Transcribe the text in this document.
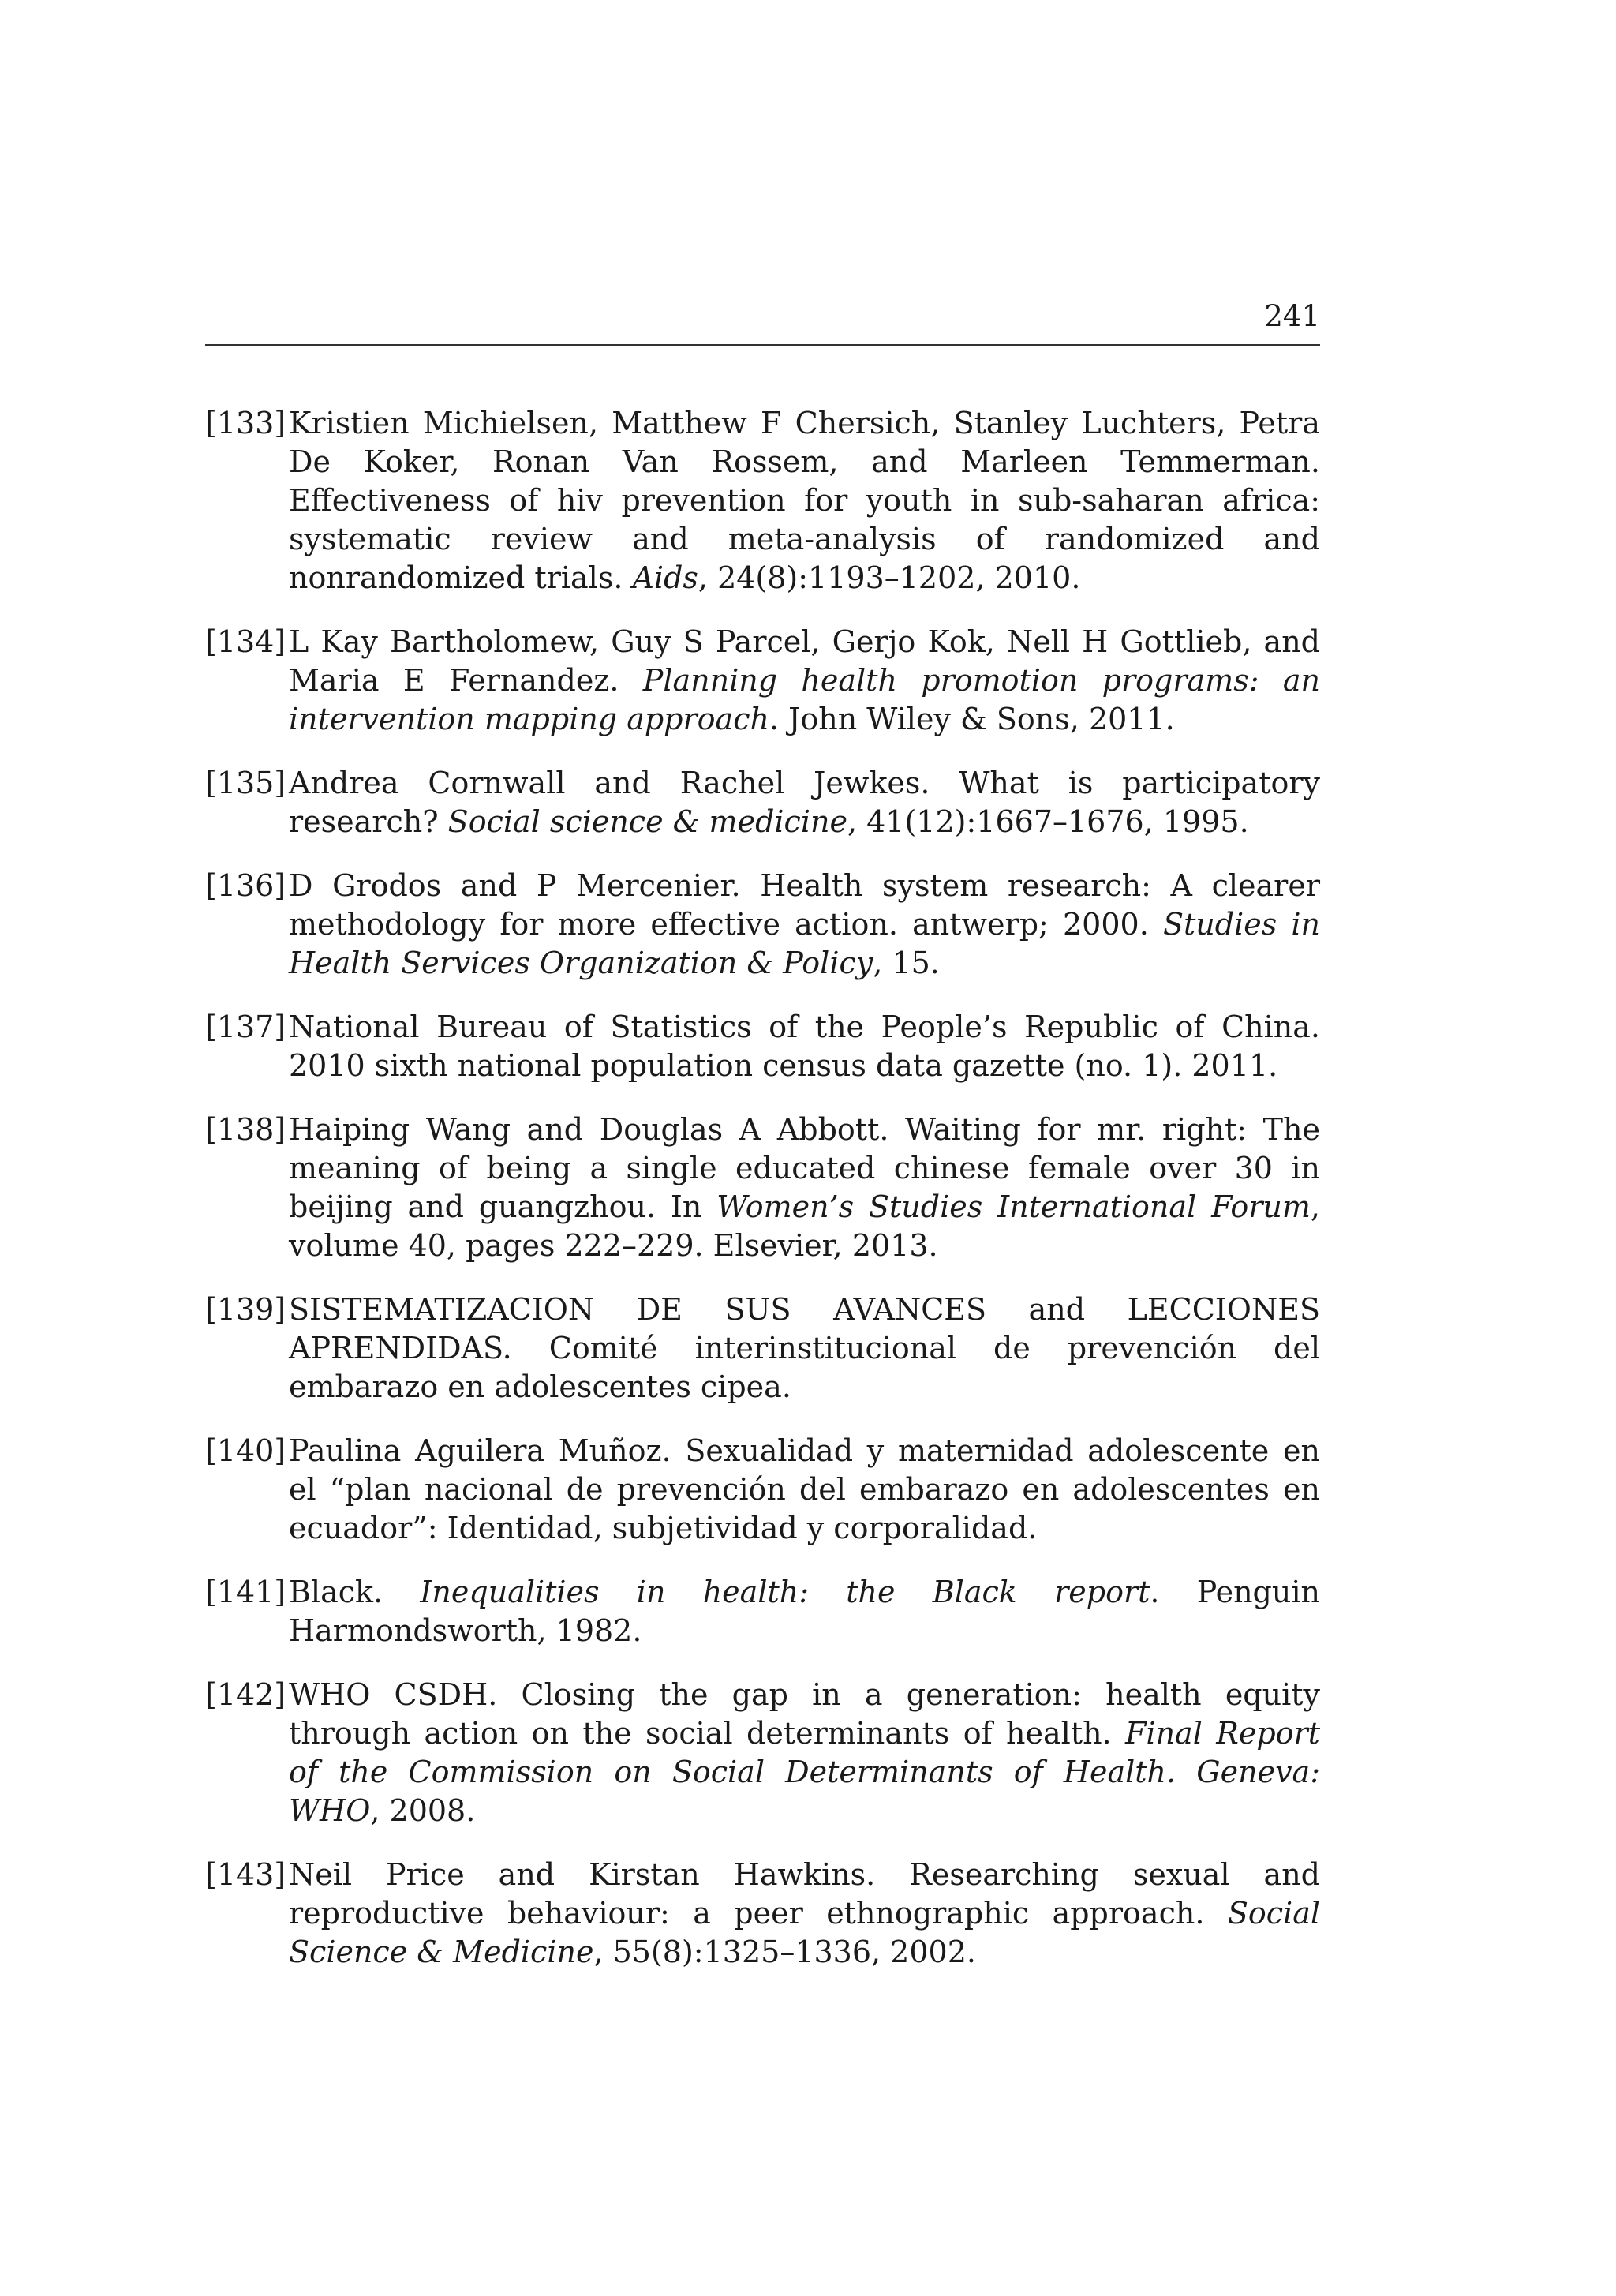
241
[133] Kristien Michielsen, Matthew F Chersich, Stanley Luchters, Petra De Koker, Ronan Van Rossem, and Marleen Temmerman. Effectiveness of hiv prevention for youth in sub-saharan africa: systematic review and meta-analysis of randomized and nonrandomized trials. Aids, 24(8):1193–1202, 2010.
[134] L Kay Bartholomew, Guy S Parcel, Gerjo Kok, Nell H Gottlieb, and Maria E Fernandez. Planning health promotion programs: an intervention mapping approach. John Wiley & Sons, 2011.
[135] Andrea Cornwall and Rachel Jewkes. What is participatory research? Social science & medicine, 41(12):1667–1676, 1995.
[136] D Grodos and P Mercenier. Health system research: A clearer methodology for more effective action. antwerp; 2000. Studies in Health Services Organization & Policy, 15.
[137] National Bureau of Statistics of the People’s Republic of China. 2010 sixth national population census data gazette (no. 1). 2011.
[138] Haiping Wang and Douglas A Abbott. Waiting for mr. right: The meaning of being a single educated chinese female over 30 in beijing and guangzhou. In Women’s Studies International Forum, volume 40, pages 222–229. Elsevier, 2013.
[139] SISTEMATIZACION DE SUS AVANCES and LECCIONES APRENDIDAS. Comité interinstitucional de prevención del embarazo en adolescentes cipea.
[140] Paulina Aguilera Muñoz. Sexualidad y maternidad adolescente en el “plan nacional de prevención del embarazo en adolescentes en ecuador”: Identidad, subjetividad y corporalidad.
[141] Black. Inequalities in health: the Black report. Penguin Harmondsworth, 1982.
[142] WHO CSDH. Closing the gap in a generation: health equity through action on the social determinants of health. Final Report of the Commission on Social Determinants of Health. Geneva: WHO, 2008.
[143] Neil Price and Kirstan Hawkins. Researching sexual and reproductive behaviour: a peer ethnographic approach. Social Science & Medicine, 55(8):1325–1336, 2002.
